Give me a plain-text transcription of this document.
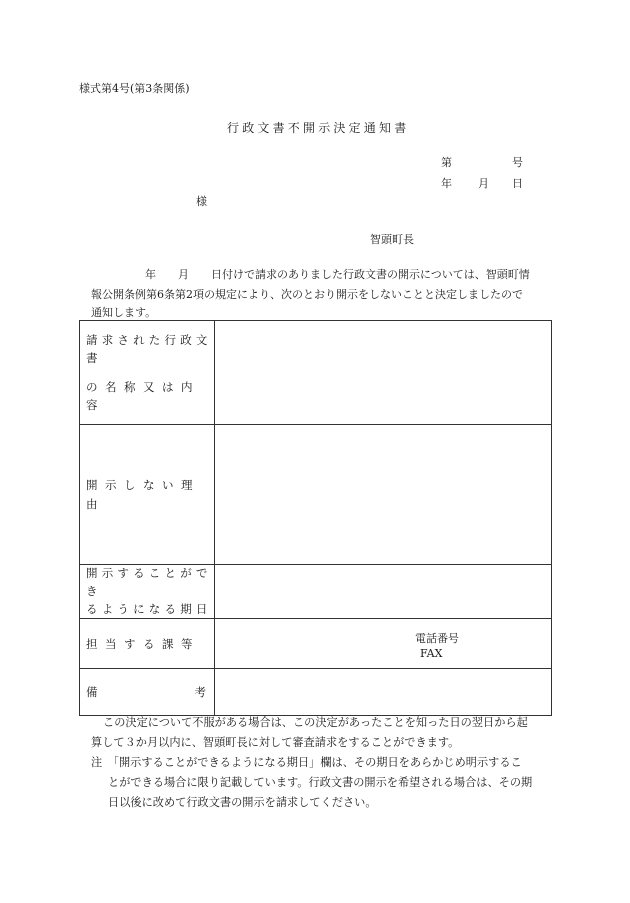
様式第4号(第3条関係)
行政文書不開示決定通知書
第	号
年 月 日
様
智頭町長
年 月 日付けで請求のありました行政文書の開示については、智頭町情
報公開条例第6条第2項の規定により、次のとおり開示をしないことと決定しましたので
通知します。
請求された行政文書
の名称又は内容	

開示しない理由	

開示することができ
るようになる期日	

担当する課等	電話番号
FAX

備 考	

この決定について不服がある場合は、この決定があったことを知った日の翌日から起
算して３か月以内に、智頭町長に対して審査請求をすることができます。
注　「開示することができるようになる期日」欄は、その期日をあらかじめ明示するこ
とができる場合に限り記載しています。行政文書の開示を希望される場合は、その期
日以後に改めて行政文書の開示を請求してください。
